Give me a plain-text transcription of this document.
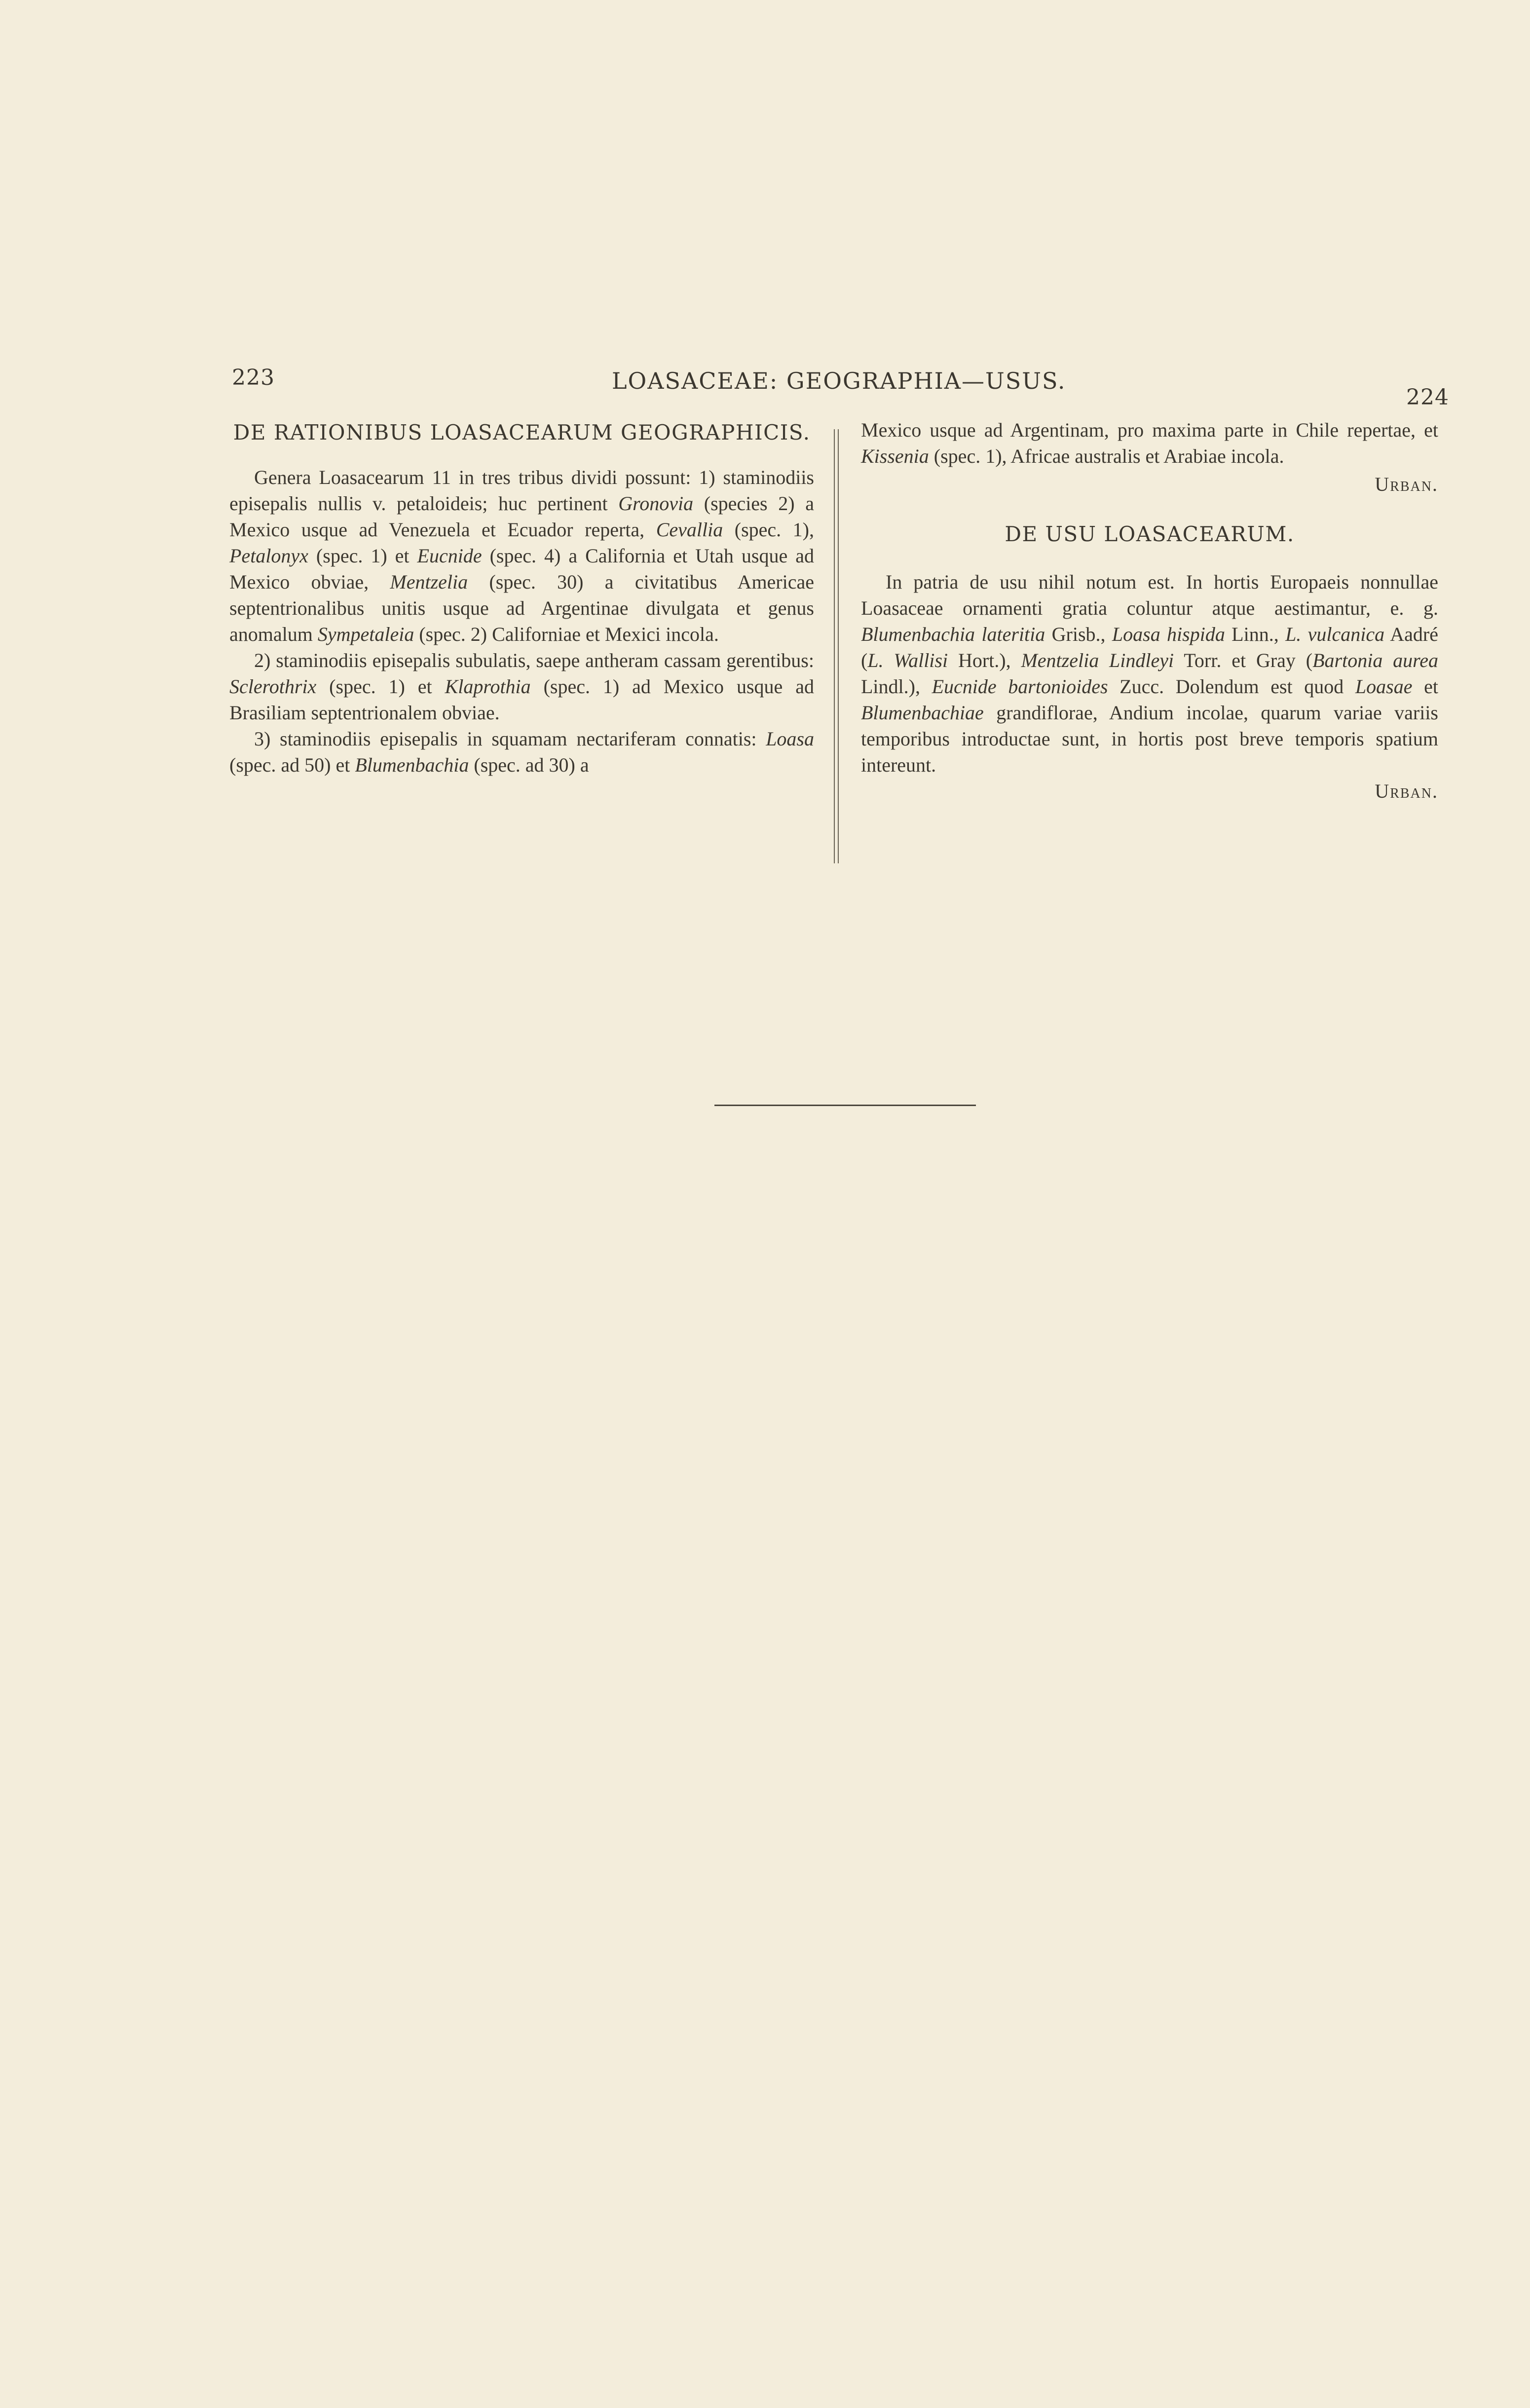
223	LOASACEAE: GEOGRAPHIA—USUS.
224
DE RATIONIBUS LOASACEARUM GEOGRAPHICIS.

Genera Loasacearum 11 in tres tribus dividi possunt: 1) staminodiis episepalis nullis v. petaloideis; huc pertinent Gronovia (species 2) a Mexico usque ad Venezuela et Ecuador reperta, Cevallia (spec. 1), Petalonyx (spec. 1) et Eucnide (spec. 4) a California et Utah usque ad Mexico obviae, Mentzelia (spec. 30) a civitatibus Americae septentrionalibus unitis usque ad Argentinae divulgata et genus anomalum Sympetaleia (spec. 2) Californiae et Mexici incola.

2) staminodiis episepalis subulatis, saepe antheram cassam gerentibus: Sclerothrix (spec. 1) et Klaprothia (spec. 1) ad Mexico usque ad Brasiliam septentrionalem obviae.

3) staminodiis episepalis in squamam nectariferam connatis: Loasa (spec. ad 50) et Blumenbachia (spec. ad 30) a

Mexico usque ad Argentinam, pro maxima parte in Chile repertae, et Kissenia (spec. 1), Africae australis et Arabiae incola.

Urban.
DE USU LOASACEARUM.

In patria de usu nihil notum est. In hortis Europaeis nonnullae Loasaceae ornamenti gratia coluntur atque aestimantur, e. g. Blumenbachia lateritia Grisb., Loasa hispida Linn., L. vulcanica Aadré (L. Wallisi Hort.), Mentzelia Lindleyi Torr. et Gray (Bartonia aurea Lindl.), Eucnide bartonioides Zucc. Dolendum est quod Loasae et Blumenbachiae grandiflorae, Andium incolae, quarum variae variis temporibus introductae sunt, in hortis post breve temporis spatium intereunt.

Urban.
